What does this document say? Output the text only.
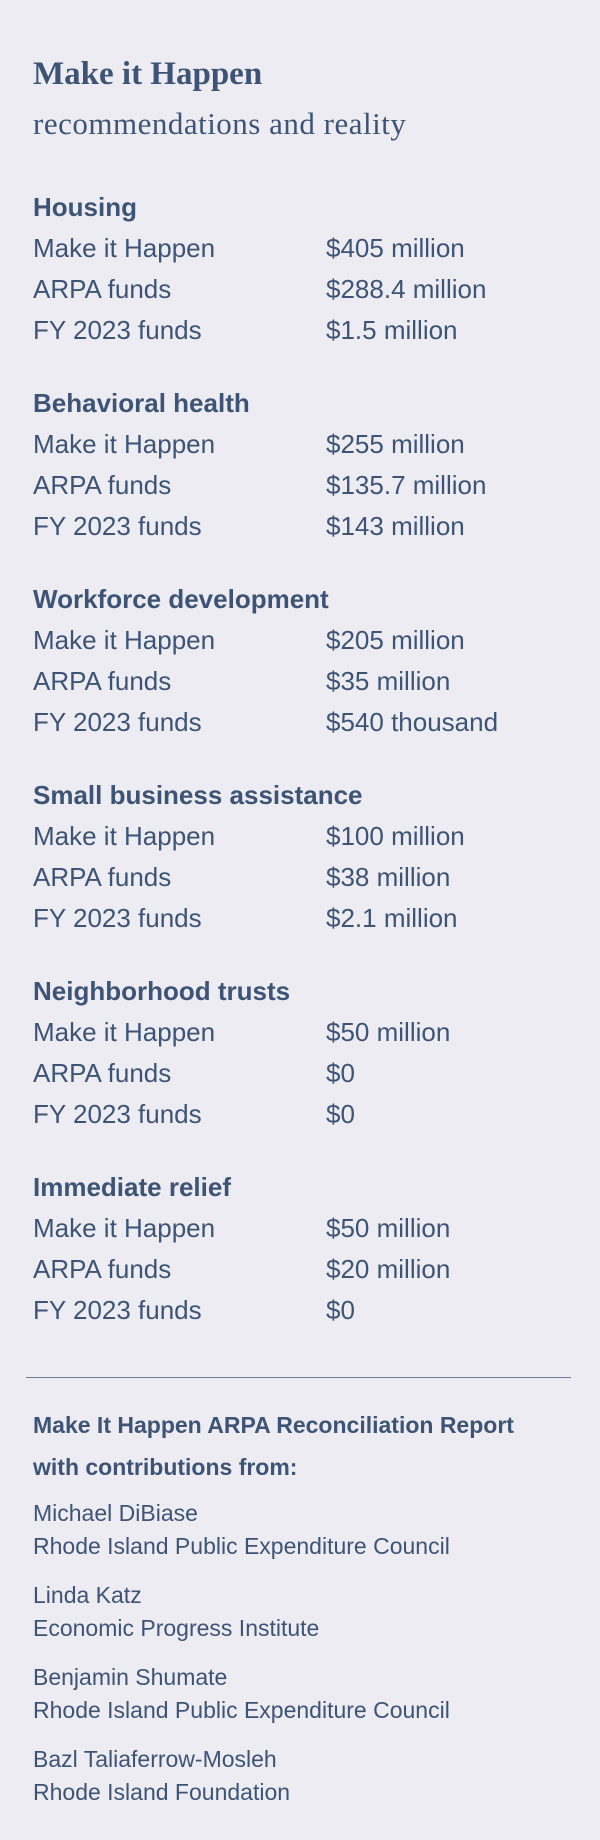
Make it Happen
recommendations and reality
Housing
Make it Happen	$405 million
ARPA funds	$288.4 million
FY 2023 funds	$1.5 million
Behavioral health
Make it Happen	$255 million
ARPA funds	$135.7 million
FY 2023 funds	$143 million
Workforce development
Make it Happen	$205 million
ARPA funds	$35 million
FY 2023 funds	$540 thousand
Small business assistance
Make it Happen	$100 million
ARPA funds	$38 million
FY 2023 funds	$2.1 million
Neighborhood trusts
Make it Happen	$50 million
ARPA funds	$0
FY 2023 funds	$0
Immediate relief
Make it Happen	$50 million
ARPA funds	$20 million
FY 2023 funds	$0
Make It Happen ARPA Reconciliation Report
with contributions from:
Michael DiBiase
Rhode Island Public Expenditure Council
Linda Katz
Economic Progress Institute
Benjamin Shumate
Rhode Island Public Expenditure Council
Bazl Taliaferrow-Mosleh
Rhode Island Foundation
